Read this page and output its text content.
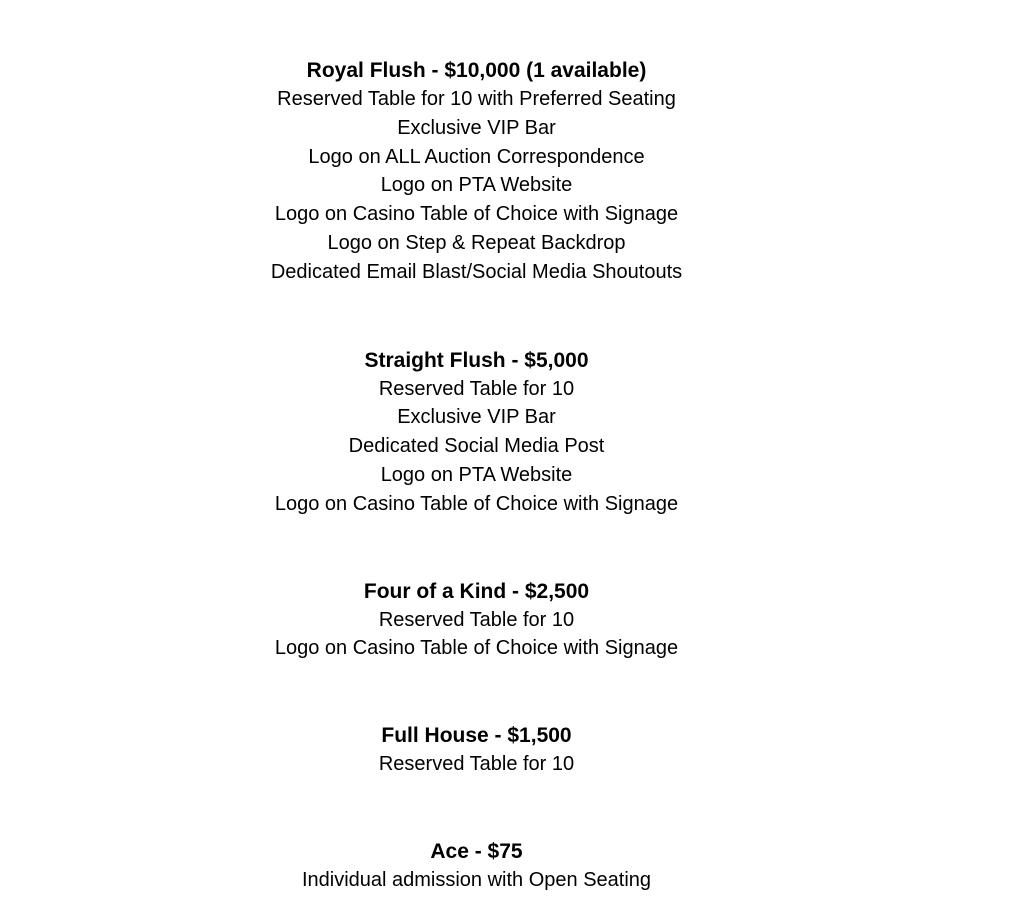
Royal Flush - $10,000 (1 available)

Reserved Table for 10 with Preferred Seating

Exclusive VIP Bar

Logo on ALL Auction Correspondence

Logo on PTA Website

Logo on Casino Table of Choice with Signage

Logo on Step & Repeat Backdrop

Dedicated Email Blast/Social Media Shoutouts

Straight Flush - $5,000

Reserved Table for 10

Exclusive VIP Bar

Dedicated Social Media Post

Logo on PTA Website

Logo on Casino Table of Choice with Signage

Four of a Kind - $2,500

Reserved Table for 10

Logo on Casino Table of Choice with Signage

Full House - $1,500

Reserved Table for 10

Ace - $75

Individual admission with Open Seating
